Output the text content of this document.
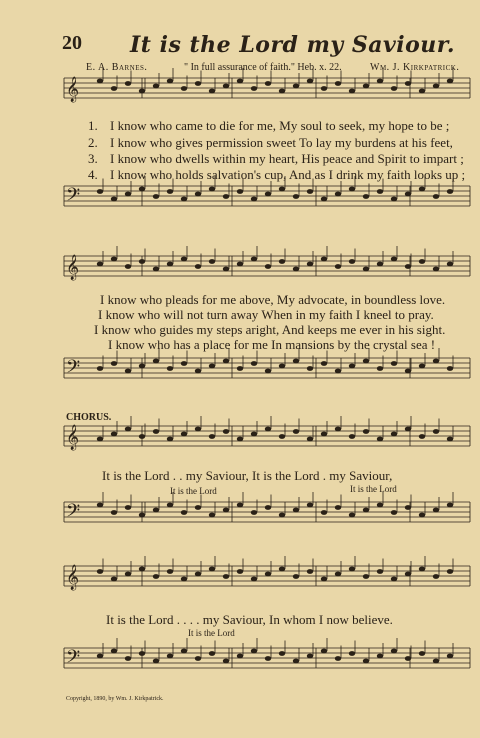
𝄞
𝄢
𝄞
𝄢
𝄞
𝄢
𝄞
𝄢
20 It is the Lord my Saviour.
E. A. Barnes.	" In full assurance of faith." Heb. x. 22.	Wm. J. Kirkpatrick.
1. I know who came to die for me, My soul to seek, my hope to be ;
2. I know who gives permission sweet To lay my burdens at his feet,
3. I know who dwells within my heart, His peace and Spirit to impart ;
4. I know who holds salvation's cup, And as I drink my faith looks up ;
I know who pleads for me above, My advocate, in boundless love.
I know who will not turn away When in my faith I kneel to pray.
I know who guides my steps aright, And keeps me ever in his sight.
I know who has a place for me In mansions by the crystal sea !
CHORUS.
It is the Lord . . my Saviour, It is the Lord . my Saviour,
It is the Lord	It is the Lord
It is the Lord . . . . my Saviour, In whom I now believe.
It is the Lord
Copyright, 1890, by Wm. J. Kirkpatrick.
